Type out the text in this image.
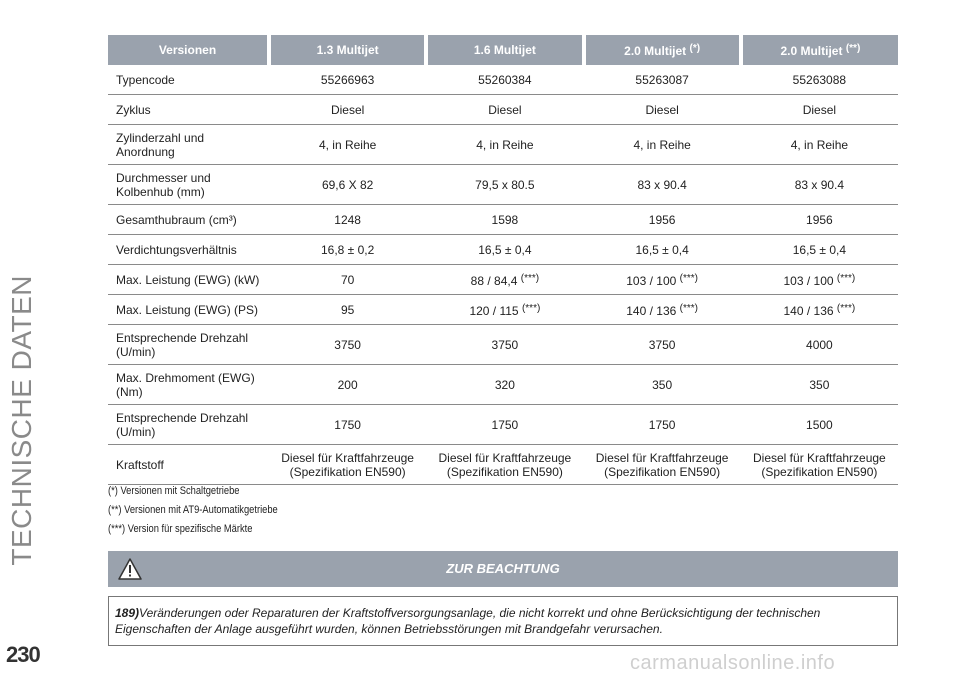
TECHNISCHE DATEN
Versionen	1.3 Multijet	1.6 Multijet	2.0 Multijet (*)	2.0 Multijet (**)
Typencode	55266963	55260384	55263087	55263088
Zyklus	Diesel	Diesel	Diesel	Diesel
Zylinderzahl und Anordnung	4, in Reihe	4, in Reihe	4, in Reihe	4, in Reihe
Durchmesser und Kolbenhub (mm)	69,6 X 82	79,5 x 80.5	83 x 90.4	83 x 90.4
Gesamthubraum (cm³)	1248	1598	1956	1956
Verdichtungsverhältnis	16,8 ± 0,2	16,5 ± 0,4	16,5 ± 0,4	16,5 ± 0,4
Max. Leistung (EWG) (kW)	70	88 / 84,4 (***)	103 / 100 (***)	103 / 100 (***)
Max. Leistung (EWG) (PS)	95	120 / 115 (***)	140 / 136 (***)	140 / 136 (***)
Entsprechende Drehzahl (U/min)	3750	3750	3750	4000
Max. Drehmoment (EWG) (Nm)	200	320	350	350
Entsprechende Drehzahl (U/min)	1750	1750	1750	1500
Kraftstoff	Diesel für Kraftfahrzeuge (Spezifikation EN590)	Diesel für Kraftfahrzeuge (Spezifikation EN590)	Diesel für Kraftfahrzeuge (Spezifikation EN590)	Diesel für Kraftfahrzeuge (Spezifikation EN590)
(*) Versionen mit Schaltgetriebe
(**) Versionen mit AT9-Automatikgetriebe
(***) Version für spezifische Märkte
ZUR BEACHTUNG

189)Veränderungen oder Reparaturen der Kraftstoffversorgungsanlage, die nicht korrekt und ohne Berücksichtigung der technischen Eigenschaften der Anlage ausgeführt wurden, können Betriebsstörungen mit Brandgefahr verursachen.

230	carmanualsonline.info
